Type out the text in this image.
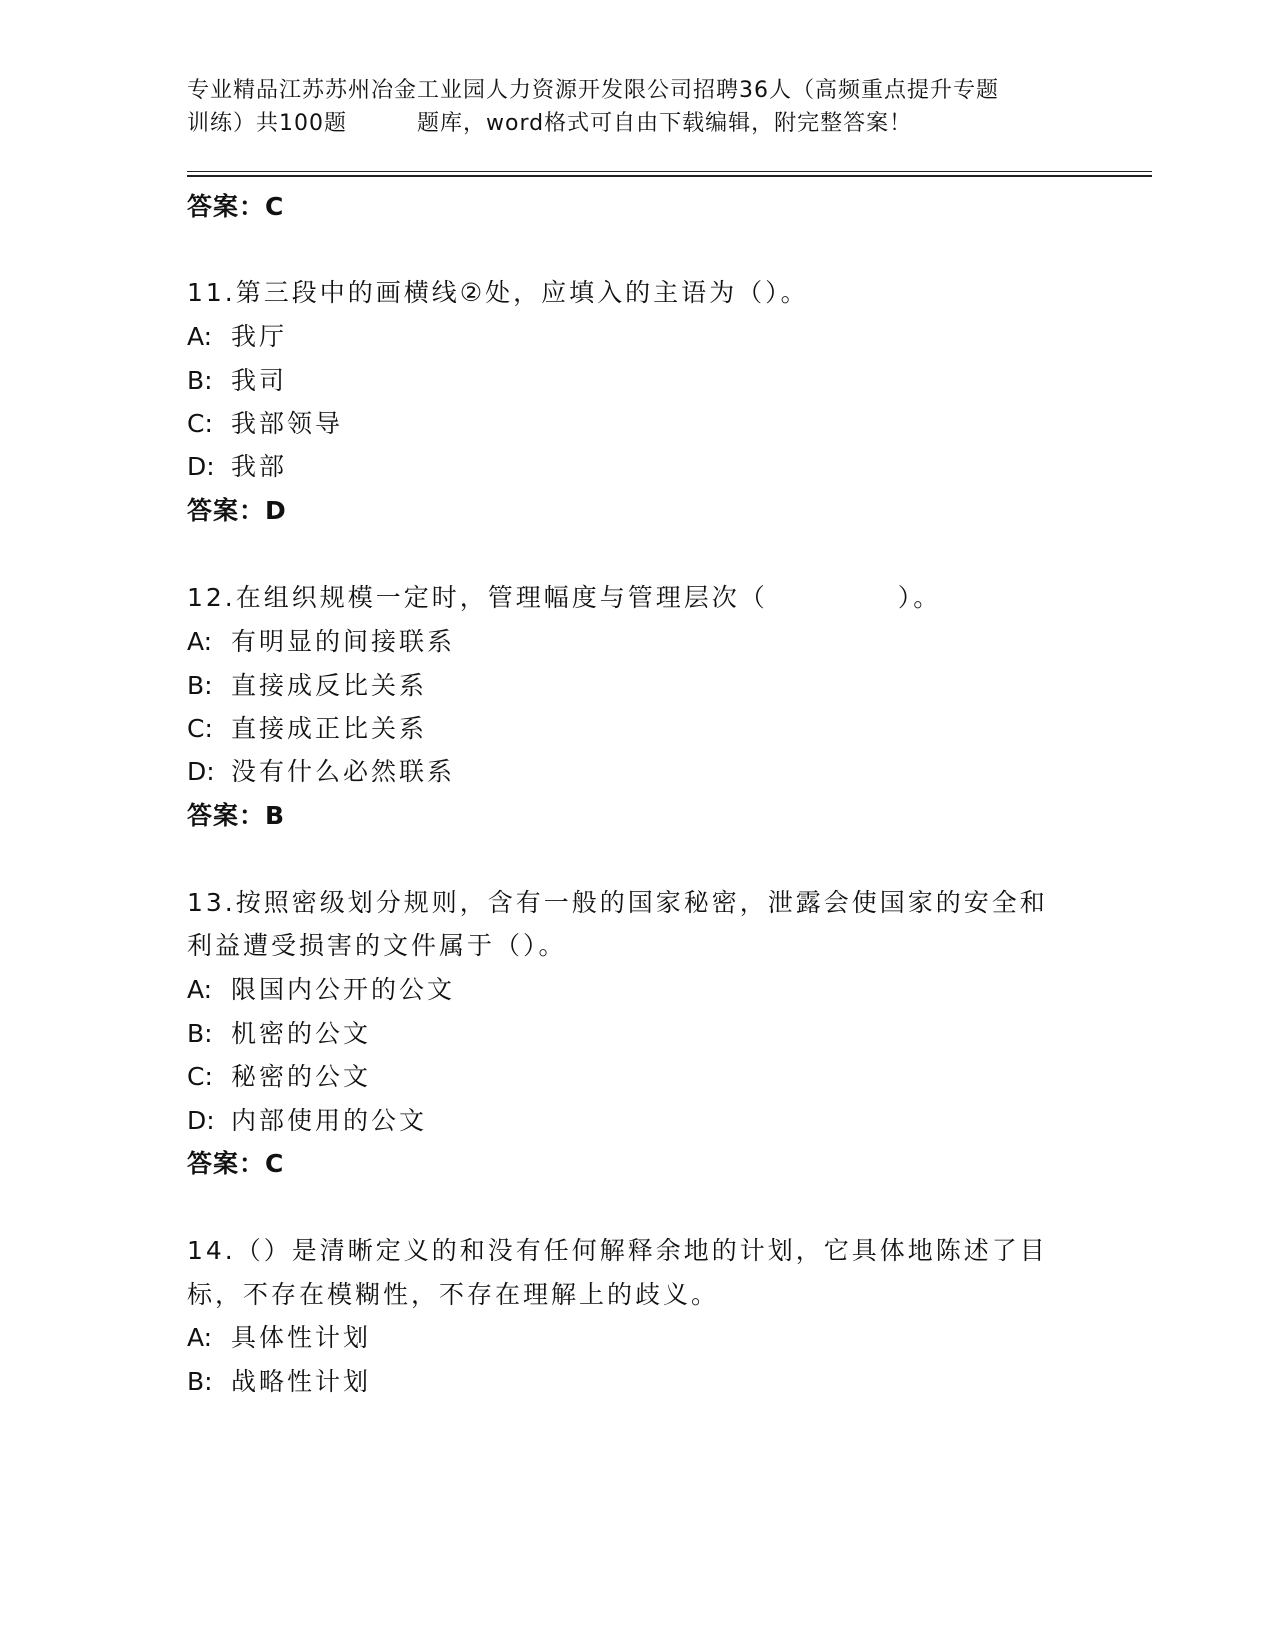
专业精品江苏苏州冶金工业园人力资源开发限公司招聘36人（高频重点提升专题
训练）共100题	题库，word格式可自由下载编辑，附完整答案！
答案：C
11.第三段中的画横线②处，应填入的主语为（）。
A: 我厅
B: 我司
C: 我部领导
D: 我部
答案：D
12.在组织规模一定时，管理幅度与管理层次（	）。
A: 有明显的间接联系
B: 直接成反比关系
C: 直接成正比关系
D: 没有什么必然联系
答案：B
13.按照密级划分规则，含有一般的国家秘密，泄露会使国家的安全和
利益遭受损害的文件属于（）。
A: 限国内公开的公文
B: 机密的公文
C: 秘密的公文
D: 内部使用的公文
答案：C
14.（）是清晰定义的和没有任何解释余地的计划，它具体地陈述了目
标，不存在模糊性，不存在理解上的歧义。
A: 具体性计划
B: 战略性计划
